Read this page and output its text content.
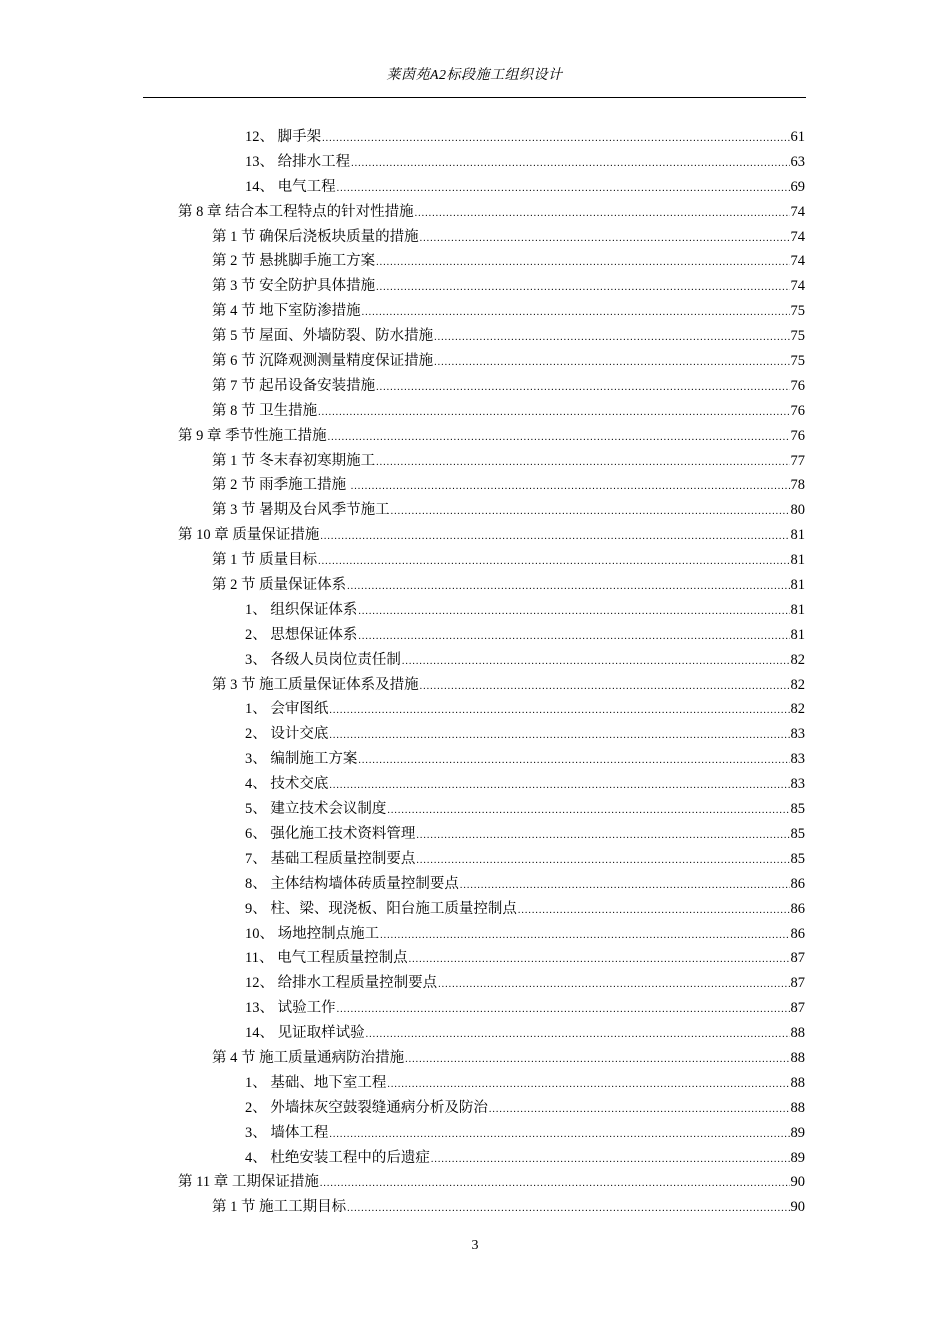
莱茵苑A2标段施工组织设计
12、 脚手架 .....	61
13、 给排水工程 .....	63
14、 电气工程 .....	69
第 8 章 结合本工程特点的针对性措施 .....	74
第 1 节 确保后浇板块质量的措施 .....	74
第 2 节 悬挑脚手施工方案 .....	74
第 3 节 安全防护具体措施 .....	74
第 4 节 地下室防渗措施 .....	75
第 5 节 屋面、外墙防裂、防水措施 .....	75
第 6 节 沉降观测测量精度保证措施 .....	75
第 7 节 起吊设备安装措施 .....	76
第 8 节 卫生措施 .....	76
第 9 章 季节性施工措施 .....	76
第 1 节 冬末春初寒期施工 .....	77
第 2 节 雨季施工措施 .....	78
第 3 节 暑期及台风季节施工 .....	80
第 10 章 质量保证措施 .....	81
第 1 节 质量目标 .....	81
第 2 节 质量保证体系 .....	81
1、 组织保证体系 .....	81
2、 思想保证体系 .....	81
3、 各级人员岗位责任制 .....	82
第 3 节 施工质量保证体系及措施 .....	82
1、 会审图纸 .....	82
2、 设计交底 .....	83
3、 编制施工方案 .....	83
4、 技术交底 .....	83
5、 建立技术会议制度 .....	85
6、 强化施工技术资料管理 .....	85
7、 基础工程质量控制要点 .....	85
8、 主体结构墙体砖质量控制要点 .....	86
9、 柱、梁、现浇板、阳台施工质量控制点 .....	86
10、 场地控制点施工 .....	86
11、 电气工程质量控制点 .....	87
12、 给排水工程质量控制要点 .....	87
13、 试验工作 .....	87
14、 见证取样试验 .....	88
第 4 节 施工质量通病防治措施 .....	88
1、 基础、地下室工程 .....	88
2、 外墙抹灰空鼓裂缝通病分析及防治 .....	88
3、 墙体工程 .....	89
4、 杜绝安装工程中的后遗症 .....	89
第 11 章 工期保证措施 .....	90
第 1 节 施工工期目标 .....	90
3
